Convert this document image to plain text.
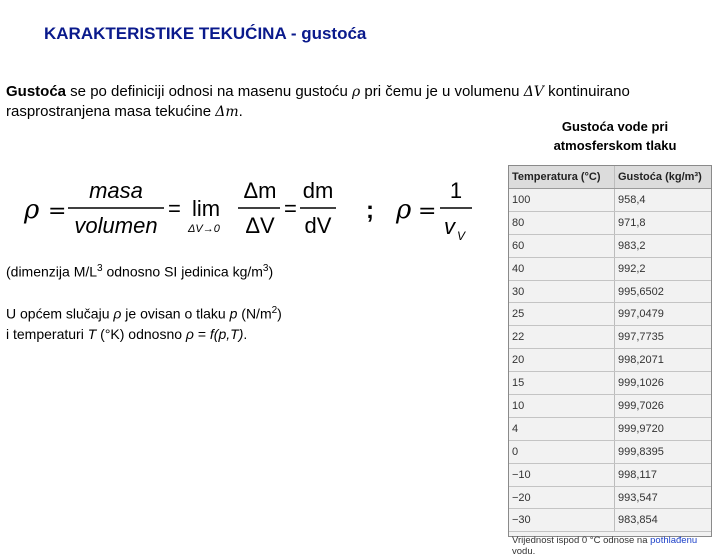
KARAKTERISTIKE TEKUĆINA - gustoća
Gustoća se po definiciji odnosi na masenu gustoću ρ pri čemu je u volumenu ΔV kontinuirano rasprostranjena masa tekućine Δm.
Gustoća vode pri
atmosferskom tlaku
ρ =
masa
volumen
= lim
ΔV→0
Δm
ΔV
=
dm
dV
; ρ =
1
v V
(dimenzija $M/L^3$ odnosno SI jedinica $kg/m^3$)
U općem slučaju ρ je ovisan o tlaku p $(N/m^2)$
i temperaturi T (°K) odnosno ρ = f(p,T).
Temperatura (°C)	Gustoća (kg/m³)
100	958,4
80	971,8
60	983,2
40	992,2
30	995,6502
25	997,0479
22	997,7735
20	998,2071
15	999,1026
10	999,7026
4	999,9720
0	999,8395
−10	998,117
−20	993,547
−30	983,854
Vrijednost ispod 0 °C odnose na pothlađenu vodu.
